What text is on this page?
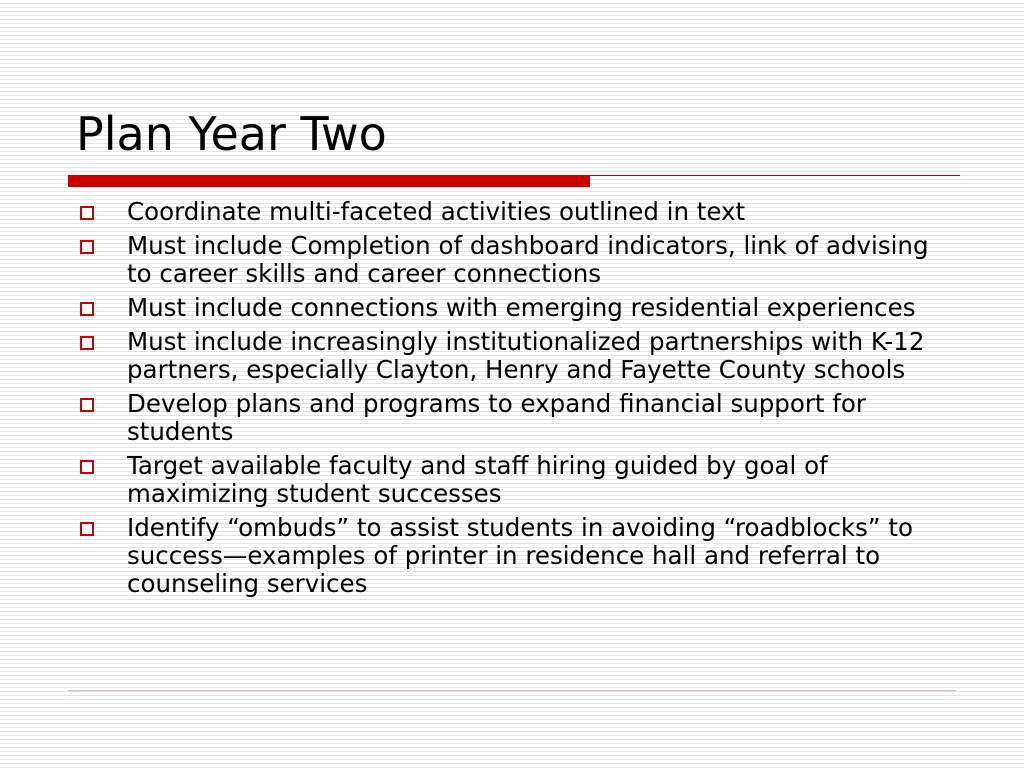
Plan Year Two
Coordinate multi-faceted activities outlined in text
Must include Completion of dashboard indicators, link of advising to career skills and career connections
Must include connections with emerging residential experiences
Must include increasingly institutionalized partnerships with K-12 partners, especially Clayton, Henry and Fayette County schools
Develop plans and programs to expand financial support for students
Target available faculty and staff hiring guided by goal of maximizing student successes
Identify “ombuds” to assist students in avoiding “roadblocks” to success—examples of printer in residence hall and referral to counseling services
